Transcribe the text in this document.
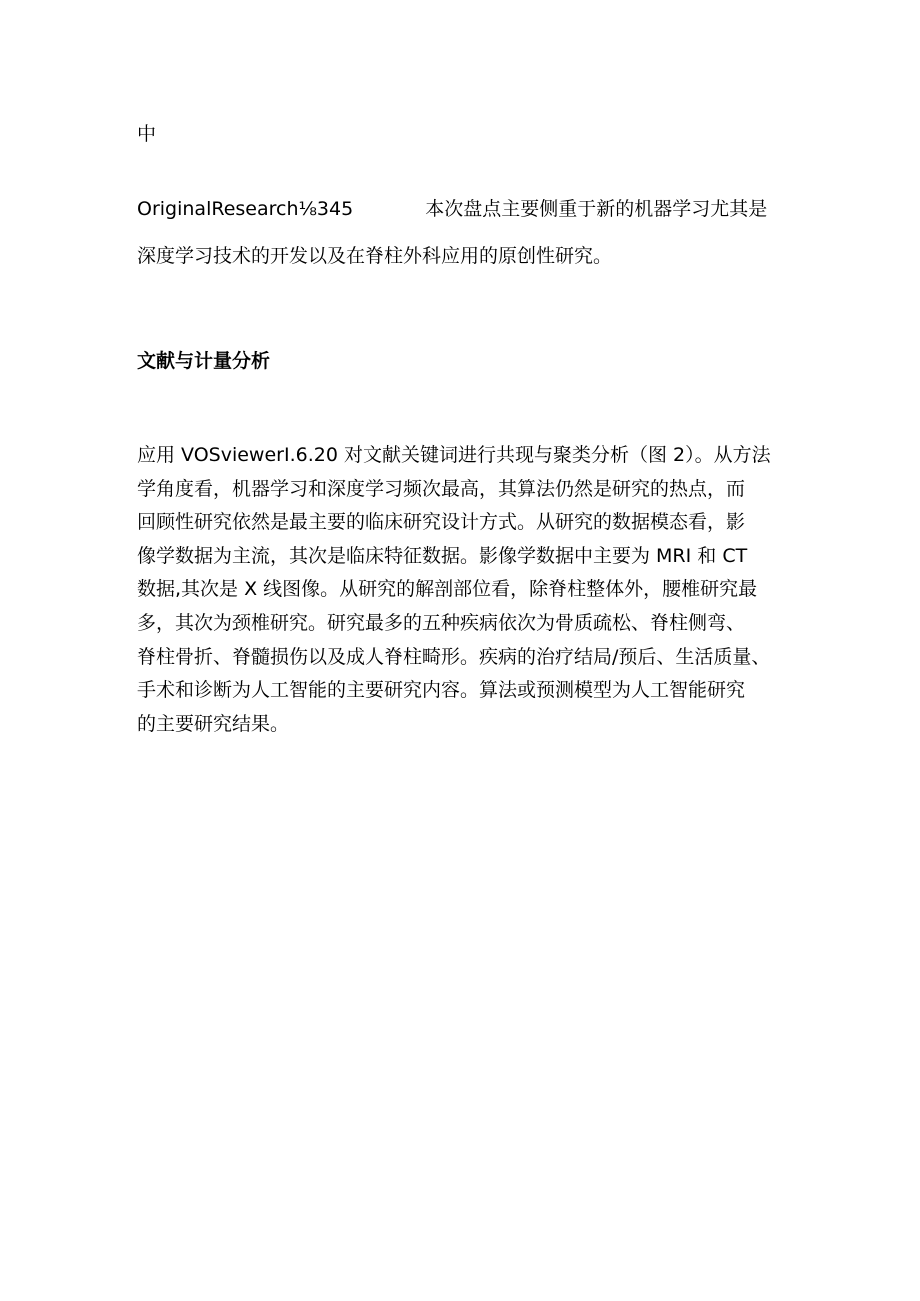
中
OriginalResearch⅛345	本次盘点主要侧重于新的机器学习尤其是
深度学习技术的开发以及在脊柱外科应用的原创性研究。
文献与计量分析
应用 VOSviewerI.6.20 对文献关键词进行共现与聚类分析（图 2）。从方法
学角度看，机器学习和深度学习频次最高，其算法仍然是研究的热点，而
回顾性研究依然是最主要的临床研究设计方式。从研究的数据模态看，影
像学数据为主流，其次是临床特征数据。影像学数据中主要为 MRI 和 CT
数据,其次是 X 线图像。从研究的解剖部位看，除脊柱整体外，腰椎研究最
多，其次为颈椎研究。研究最多的五种疾病依次为骨质疏松、脊柱侧弯、
脊柱骨折、脊髓损伤以及成人脊柱畸形。疾病的治疗结局/预后、生活质量、
手术和诊断为人工智能的主要研究内容。算法或预测模型为人工智能研究
的主要研究结果。
